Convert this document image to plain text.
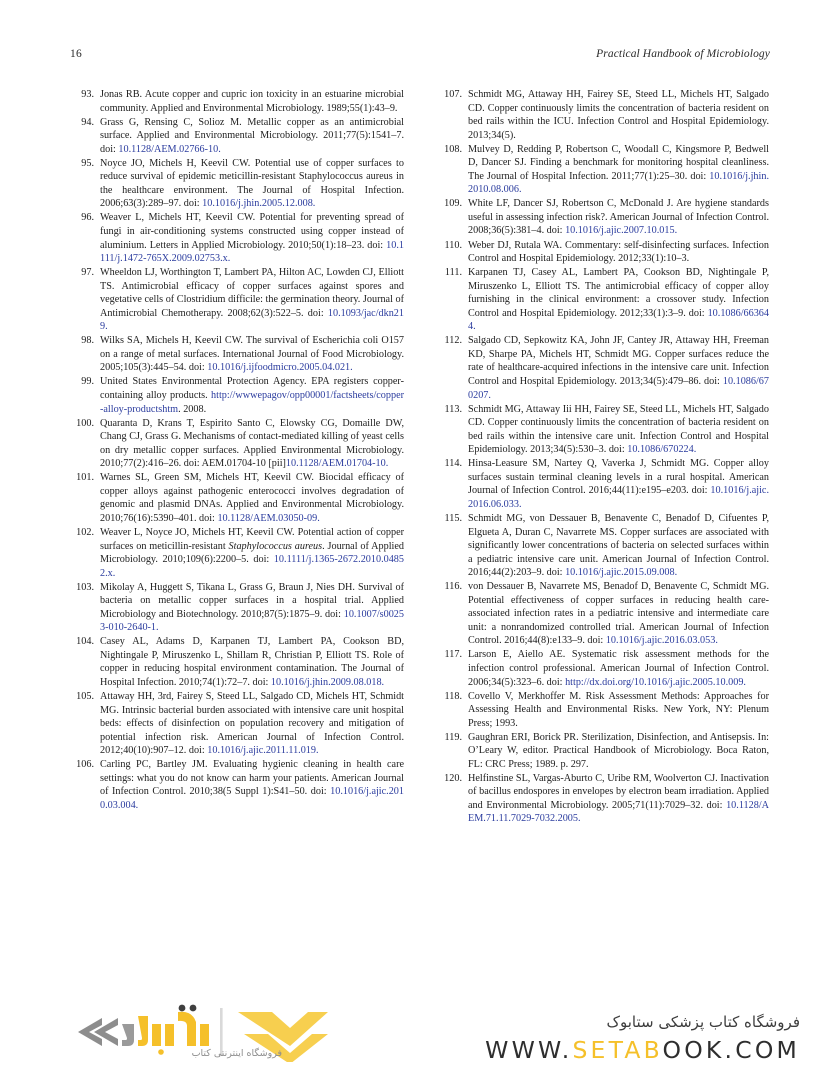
16	Practical Handbook of Microbiology
93. Jonas RB. Acute copper and cupric ion toxicity in an estuarine microbial community. Applied and Environmental Microbiology. 1989;55(1):43–9.
94. Grass G, Rensing C, Solioz M. Metallic copper as an antimicrobial surface. Applied and Environmental Microbiology. 2011;77(5):1541–7. doi: 10.1128/AEM.02766-10.
95. Noyce JO, Michels H, Keevil CW. Potential use of copper surfaces to reduce survival of epidemic meticillin-resistant Staphylococcus aureus in the healthcare environment. The Journal of Hospital Infection. 2006;63(3):289–97. doi: 10.1016/j.jhin.2005.12.008.
96. Weaver L, Michels HT, Keevil CW. Potential for preventing spread of fungi in air-conditioning systems constructed using copper instead of aluminium. Letters in Applied Microbiology. 2010;50(1):18–23. doi: 10.1111/j.1472-765X.2009.02753.x.
97. Wheeldon LJ, Worthington T, Lambert PA, Hilton AC, Lowden CJ, Elliott TS. Antimicrobial efficacy of copper surfaces against spores and vegetative cells of Clostridium difficile: the germination theory. Journal of Antimicrobial Chemotherapy. 2008;62(3):522–5. doi: 10.1093/jac/dkn219.
98. Wilks SA, Michels H, Keevil CW. The survival of Escherichia coli O157 on a range of metal surfaces. International Journal of Food Microbiology. 2005;105(3):445–54. doi: 10.1016/j.ijfoodmicro.2005.04.021.
99. United States Environmental Protection Agency. EPA registers copper-containing alloy products. http://wwwepagov/opp00001/factsheets/copper-alloy-productshtm. 2008.
100. Quaranta D, Krans T, Espirito Santo C, Elowsky CG, Domaille DW, Chang CJ, Grass G. Mechanisms of contact-mediated killing of yeast cells on dry metallic copper surfaces. Applied Environmental Microbiology. 2010;77(2):416–26. doi: AEM.01704-10 [pii]10.1128/AEM.01704-10.
101. Warnes SL, Green SM, Michels HT, Keevil CW. Biocidal efficacy of copper alloys against pathogenic enterococci involves degradation of genomic and plasmid DNAs. Applied and Environmental Microbiology. 2010;76(16):5390–401. doi: 10.1128/AEM.03050-09.
102. Weaver L, Noyce JO, Michels HT, Keevil CW. Potential action of copper surfaces on meticillin-resistant Staphylococcus aureus. Journal of Applied Microbiology. 2010;109(6):2200–5. doi: 10.1111/j.1365-2672.2010.04852.x.
103. Mikolay A, Huggett S, Tikana L, Grass G, Braun J, Nies DH. Survival of bacteria on metallic copper surfaces in a hospital trial. Applied Microbiology and Biotechnology. 2010;87(5):1875–9. doi: 10.1007/s00253-010-2640-1.
104. Casey AL, Adams D, Karpanen TJ, Lambert PA, Cookson BD, Nightingale P, Miruszenko L, Shillam R, Christian P, Elliott TS. Role of copper in reducing hospital environment contamination. The Journal of Hospital Infection. 2010;74(1):72–7. doi: 10.1016/j.jhin.2009.08.018.
105. Attaway HH, 3rd, Fairey S, Steed LL, Salgado CD, Michels HT, Schmidt MG. Intrinsic bacterial burden associated with intensive care unit hospital beds: effects of disinfection on population recovery and mitigation of potential infection risk. American Journal of Infection Control. 2012;40(10):907–12. doi: 10.1016/j.ajic.2011.11.019.
106. Carling PC, Bartley JM. Evaluating hygienic cleaning in health care settings: what you do not know can harm your patients. American Journal of Infection Control. 2010;38(5 Suppl 1):S41–50. doi: 10.1016/j.ajic.2010.03.004.
107. Schmidt MG, Attaway HH, Fairey SE, Steed LL, Michels HT, Salgado CD. Copper continuously limits the concentration of bacteria resident on bed rails within the ICU. Infection Control and Hospital Epidemiology. 2013;34(5).
108. Mulvey D, Redding P, Robertson C, Woodall C, Kingsmore P, Bedwell D, Dancer SJ. Finding a benchmark for monitoring hospital cleanliness. The Journal of Hospital Infection. 2011;77(1):25–30. doi: 10.1016/j.jhin.2010.08.006.
109. White LF, Dancer SJ, Robertson C, McDonald J. Are hygiene standards useful in assessing infection risk?. American Journal of Infection Control. 2008;36(5):381–4. doi: 10.1016/j.ajic.2007.10.015.
110. Weber DJ, Rutala WA. Commentary: self-disinfecting surfaces. Infection Control and Hospital Epidemiology. 2012;33(1):10–3.
111. Karpanen TJ, Casey AL, Lambert PA, Cookson BD, Nightingale P, Miruszenko L, Elliott TS. The antimicrobial efficacy of copper alloy furnishing in the clinical environment: a crossover study. Infection Control and Hospital Epidemiology. 2012;33(1):3–9. doi: 10.1086/663644.
112. Salgado CD, Sepkowitz KA, John JF, Cantey JR, Attaway HH, Freeman KD, Sharpe PA, Michels HT, Schmidt MG. Copper surfaces reduce the rate of healthcare-acquired infections in the intensive care unit. Infection Control and Hospital Epidemiology. 2013;34(5):479–86. doi: 10.1086/670207.
113. Schmidt MG, Attaway Iii HH, Fairey SE, Steed LL, Michels HT, Salgado CD. Copper continuously limits the concentration of bacteria resident on bed rails within the intensive care unit. Infection Control and Hospital Epidemiology. 2013;34(5):530–3. doi: 10.1086/670224.
114. Hinsa-Leasure SM, Nartey Q, Vaverka J, Schmidt MG. Copper alloy surfaces sustain terminal cleaning levels in a rural hospital. American Journal of Infection Control. 2016;44(11):e195–e203. doi: 10.1016/j.ajic.2016.06.033.
115. Schmidt MG, von Dessauer B, Benavente C, Benadof D, Cifuentes P, Elgueta A, Duran C, Navarrete MS. Copper surfaces are associated with significantly lower concentrations of bacteria on selected surfaces within a pediatric intensive care unit. American Journal of Infection Control. 2016;44(2):203–9. doi: 10.1016/j.ajic.2015.09.008.
116. von Dessauer B, Navarrete MS, Benadof D, Benavente C, Schmidt MG. Potential effectiveness of copper surfaces in reducing health care-associated infection rates in a pediatric intensive and intermediate care unit: a nonrandomized controlled trial. American Journal of Infection Control. 2016;44(8):e133–9. doi: 10.1016/j.ajic.2016.03.053.
117. Larson E, Aiello AE. Systematic risk assessment methods for the infection control professional. American Journal of Infection Control. 2006;34(5):323–6. doi: http://dx.doi.org/10.1016/j.ajic.2005.10.009.
118. Covello V, Merkhoffer M. Risk Assessment Methods: Approaches for Assessing Health and Environmental Risks. New York, NY: Plenum Press; 1993.
119. Gaughran ERI, Borick PR. Sterilization, Disinfection, and Antisepsis. In: O’Leary W, editor. Practical Handbook of Microbiology. Boca Raton, FL: CRC Press; 1989. p. 297.
120. Helfinstine SL, Vargas-Aburto C, Uribe RM, Woolverton CJ. Inactivation of bacillus endospores in envelopes by electron beam irradiation. Applied and Environmental Microbiology. 2005;71(11):7029–32. doi: 10.1128/AEM.71.11.7029-7032.2005.
فروشگاه اینترنتی کتاب
فروشگاه کتاب پزشکی ستابوک
WWW.SETABOOK.COM
